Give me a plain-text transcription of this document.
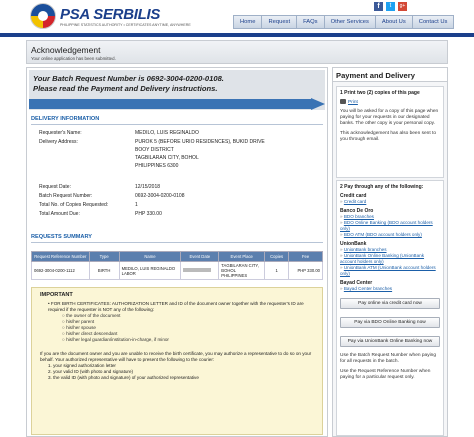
PSA SERBILIS
PHILIPPINE STATISTICS AUTHORITY • CERTIFICATES ANYTIME, ANYWHERE
f	t	g+
Home	Request	FAQs	Other Services	About Us	Contact Us
Acknowledgement
Your online application has been submitted.
Your Batch Request Number is 0692-3004-0200-0108.
Please read the Payment and Delivery instructions.
DELIVERY INFORMATION
Requester's Name:	MEDILO, LUIS REGINALDO
Delivery Address:	PUROK 5 (BEFORE URIO RESIDENCES), BUKID DRIVE
BOOY DISTRICT
TAGBILARAN CITY, BOHOL
PHILIPPINES 6300
Request Date:	12/15/2018
Batch Request Number:	0692-3004-0200-0108
Total No. of Copies Requested:	1
Total Amount Due:	PHP 330.00
REQUESTS SUMMARY
Request Reference Number	Type	Name	Event Date	Event Place	Copies	Fee
0692-3004-0200-1112	BIRTH	MEDILO, LUIS REGINALDO LABOR		TAGBILARAN CITY, BOHOL PHILIPPINES	1	PHP 330.00
IMPORTANT
• FOR BIRTH CERTIFICATES: AUTHORIZATION LETTER and ID of the document owner together with the requester's ID are required if the requester is NOT any of the following:
○ the owner of the document
○ his/her parent
○ his/her spouse
○ his/her direct descendant
○ his/her legal guardian/institution-in-charge, if minor
If you are the document owner and you are unable to receive the birth certificate, you may authorize a representative to do so on your behalf. Your authorized representative will have to present the following to the courier:
1. your signed authorization letter
2. your valid ID (with photo and signature)
3. the valid ID (with photo and signature) of your authorized representative
Payment and Delivery
1 Print two (2) copies of this page
Print
You will be asked for a copy of this page when paying for your requests in our designated banks. The other copy is your personal copy.
This acknowledgement has also been sent to you through email.
2 Pay through any of the following:
Credit card
» Credit card
Banco De Oro
» BDO branches
» BDO Online Banking (BDO account holders only)
» BDO ATM (BDO account holders only)
UnionBank
» UnionBank branches
» UnionBank Online Banking (UnionBank account holders only)
» UnionBank ATM (UnionBank account holders only)
Bayad Center
» Bayad Center branches
Pay online via credit card now
Pay via BDO Online Banking now
Pay via UnionBank Online Banking now
Use the Batch Request Number when paying for all requests in the batch.
Use the Request Reference Number when paying for a particular request only.
